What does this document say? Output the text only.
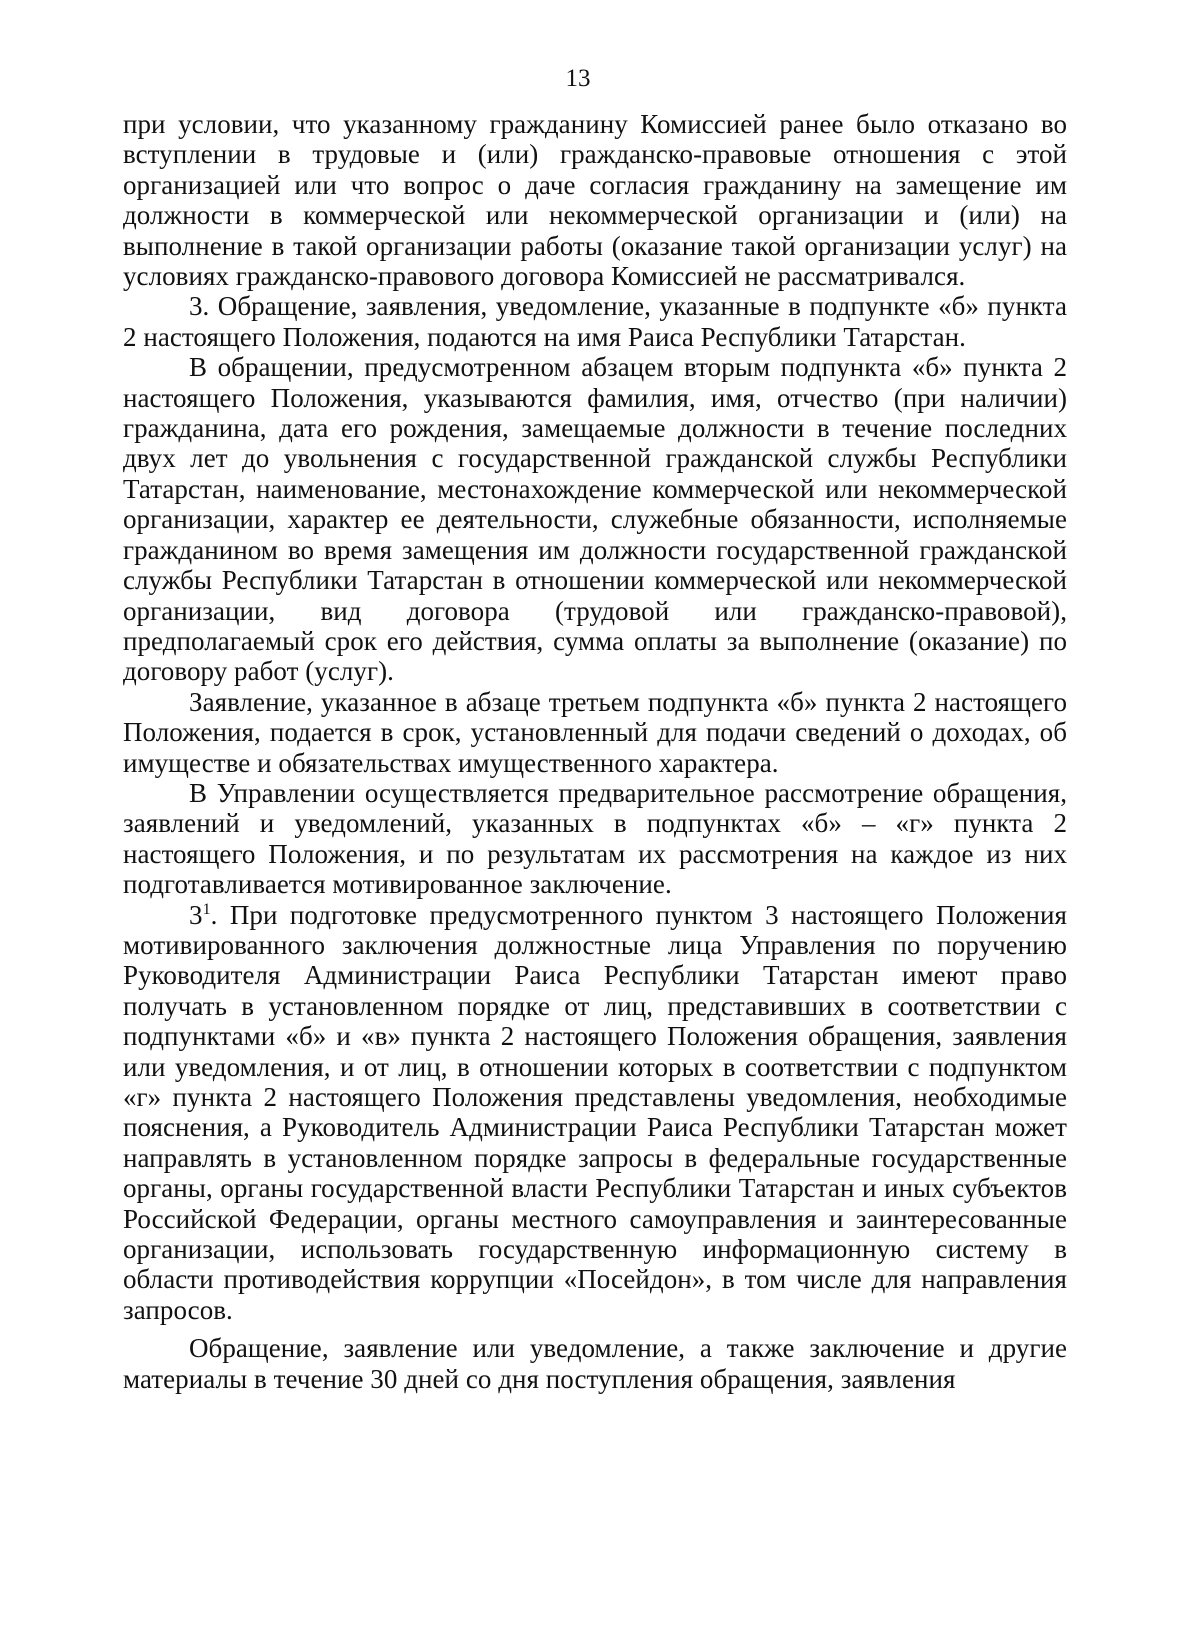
13

при условии, что указанному гражданину Комиссией ранее было отказано во вступлении в трудовые и (или) гражданско-правовые отношения с этой организацией или что вопрос о даче согласия гражданину на замещение им должности в коммерческой или некоммерческой организации и (или) на выполнение в такой организации работы (оказание такой организации услуг) на условиях гражданско-правового договора Комиссией не рассматривался.

3. Обращение, заявления, уведомление, указанные в подпункте «б» пункта 2 настоящего Положения, подаются на имя Раиса Республики Татарстан.

В обращении, предусмотренном абзацем вторым подпункта «б» пункта 2 настоящего Положения, указываются фамилия, имя, отчество (при наличии) гражданина, дата его рождения, замещаемые должности в течение последних двух лет до увольнения с государственной гражданской службы Республики Татарстан, наименование, местонахождение коммерческой или некоммерческой организации, характер ее деятельности, служебные обязанности, исполняемые гражданином во время замещения им должности государственной гражданской службы Республики Татарстан в отношении коммерческой или некоммерческой организации, вид договора (трудовой или гражданско-правовой), предполагаемый срок его действия, сумма оплаты за выполнение (оказание) по договору работ (услуг).

Заявление, указанное в абзаце третьем подпункта «б» пункта 2 настоящего Положения, подается в срок, установленный для подачи сведений о доходах, об имуществе и обязательствах имущественного характера.

В Управлении осуществляется предварительное рассмотрение обращения, заявлений и уведомлений, указанных в подпунктах «б» – «г» пункта 2 настоящего Положения, и по результатам их рассмотрения на каждое из них подготавливается мотивированное заключение.

$3^1$. При подготовке предусмотренного пунктом 3 настоящего Положения мотивированного заключения должностные лица Управления по поручению Руководителя Администрации Раиса Республики Татарстан имеют право получать в установленном порядке от лиц, представивших в соответствии с подпунктами «б» и «в» пункта 2 настоящего Положения обращения, заявления или уведомления, и от лиц, в отношении которых в соответствии с подпунктом «г» пункта 2 настоящего Положения представлены уведомления, необходимые пояснения, а Руководитель Администрации Раиса Республики Татарстан может направлять в установленном порядке запросы в федеральные государственные органы, органы государственной власти Республики Татарстан и иных субъектов Российской Федерации, органы местного самоуправления и заинтересованные организации, использовать государственную информационную систему в области противодействия коррупции «Посейдон», в том числе для направления запросов.

Обращение, заявление или уведомление, а также заключение и другие материалы в течение 30 дней со дня поступления обращения, заявления
